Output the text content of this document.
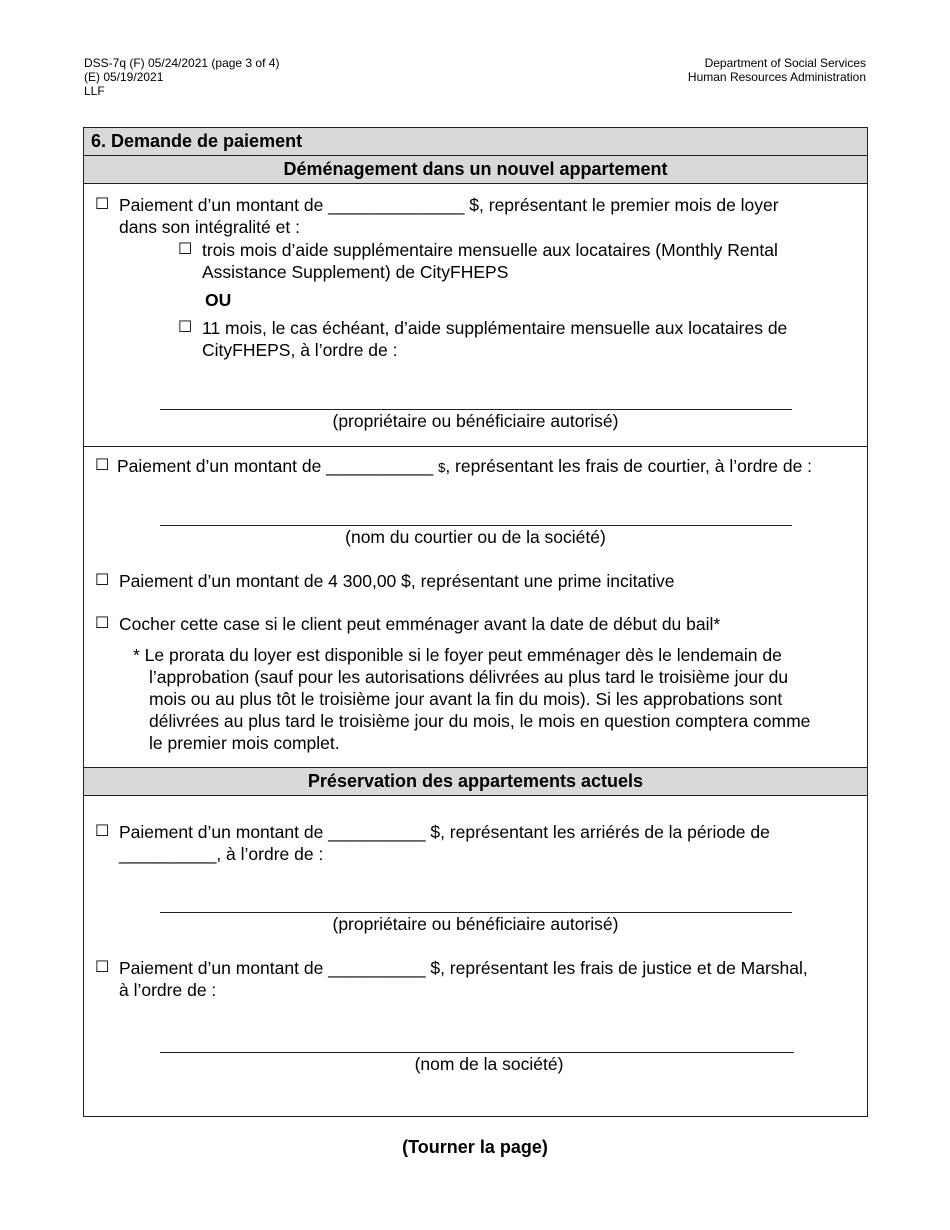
DSS-7q (F) 05/24/2021 (page 3 of 4)
(E) 05/19/2021
LLF
Department of Social Services
Human Resources Administration
6. Demande de paiement
Déménagement dans un nouvel appartement
☐ Paiement d’un montant de ______________ $, représentant le premier mois de loyer
dans son intégralité et :
☐ trois mois d’aide supplémentaire mensuelle aux locataires (Monthly Rental
Assistance Supplement) de CityFHEPS
OU
☐ 11 mois, le cas échéant, d’aide supplémentaire mensuelle aux locataires de
CityFHEPS, à l’ordre de :
(propriétaire ou bénéficiaire autorisé)
☐ Paiement d’un montant de ___________ $, représentant les frais de courtier, à l’ordre de :
(nom du courtier ou de la société)
☐ Paiement d’un montant de 4 300,00 $, représentant une prime incitative
☐ Cocher cette case si le client peut emménager avant la date de début du bail*
* Le prorata du loyer est disponible si le foyer peut emménager dès le lendemain de
l’approbation (sauf pour les autorisations délivrées au plus tard le troisième jour du
mois ou au plus tôt le troisième jour avant la fin du mois). Si les approbations sont
délivrées au plus tard le troisième jour du mois, le mois en question comptera comme
le premier mois complet.
Préservation des appartements actuels
☐ Paiement d’un montant de __________ $, représentant les arriérés de la période de
__________, à l’ordre de :
(propriétaire ou bénéficiaire autorisé)
☐ Paiement d’un montant de __________ $, représentant les frais de justice et de Marshal,
à l’ordre de :
(nom de la société)
(Tourner la page)
